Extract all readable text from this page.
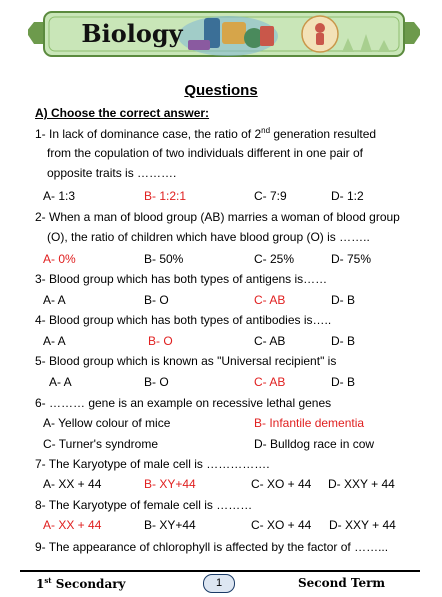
Biology
Questions
A) Choose the correct answer:
1- In lack of dominance case, the ratio of 2nd generation resulted
from the copulation of two individuals different in one pair of
opposite traits is ……….
A- 1:3	B- 1:2:1	C- 7:9	D- 1:2
2- When a man of blood group (AB) marries a woman of blood group
(O), the ratio of children which have blood group (O) is ……..
A- 0%	B- 50%	C- 25%	D- 75%
3- Blood group which has both types of antigens is……
A- A	B- O	C- AB	D- B
4- Blood group which has both types of antibodies is…..
A- A	B- O	C- AB	D- B
5- Blood group which is known as "Universal recipient" is
A- A	B- O	C- AB	D- B
6- ……… gene is an example on recessive lethal genes
A- Yellow colour of mice	B- Infantile dementia
C- Turner's syndrome	D- Bulldog race in cow
7- The Karyotype of male cell is …………….
A- XX + 44	B- XY+44	C- XO + 44 D- XXY + 44
8- The Karyotype of female cell is ………
A- XX + 44	B- XY+44	C- XO + 44 D- XXY + 44
9- The appearance of chlorophyll is affected by the factor of ……...
1st Secondary	1	Second Term
